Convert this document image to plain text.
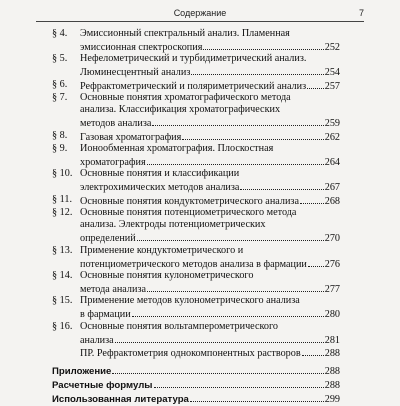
Содержание	7
§ 4.	Эмиссионный спектральный анализ. Пламенная
эмиссионная спектроскопия	252
§ 5.	Нефелометрический и турбидиметрический анализ.
Люминесцентный анализ	254
§ 6.	Рефрактометрический и поляриметрический анализ 257
§ 7.	Основные понятия хроматографического метода
анализа. Классификация хроматографических
методов анализа	259
§ 8.	Газовая хроматография	262
§ 9.	Ионообменная хроматография. Плоскостная
хроматография	264
§ 10. Основные понятия и классификации
электрохимических методов анализа	267
§ 11. Основные понятия кондуктометрического анализа	268
§ 12. Основные понятия потенциометрического метода
анализа. Электроды потенциометрических
определений	270
§ 13. Применение кондуктометрического и
потенциометрического методов анализа в фармации 276
§ 14. Основные понятия кулонометрического
метода анализа	277
§ 15. Применение методов кулонометрического анализа
в фармации	280
§ 16. Основные понятия вольтамперометрического
анализа	281
ПР. Рефрактометрия однокомпонентных растворов 288
Приложение	288
Расчетные формулы	288
Использованная литература	299
